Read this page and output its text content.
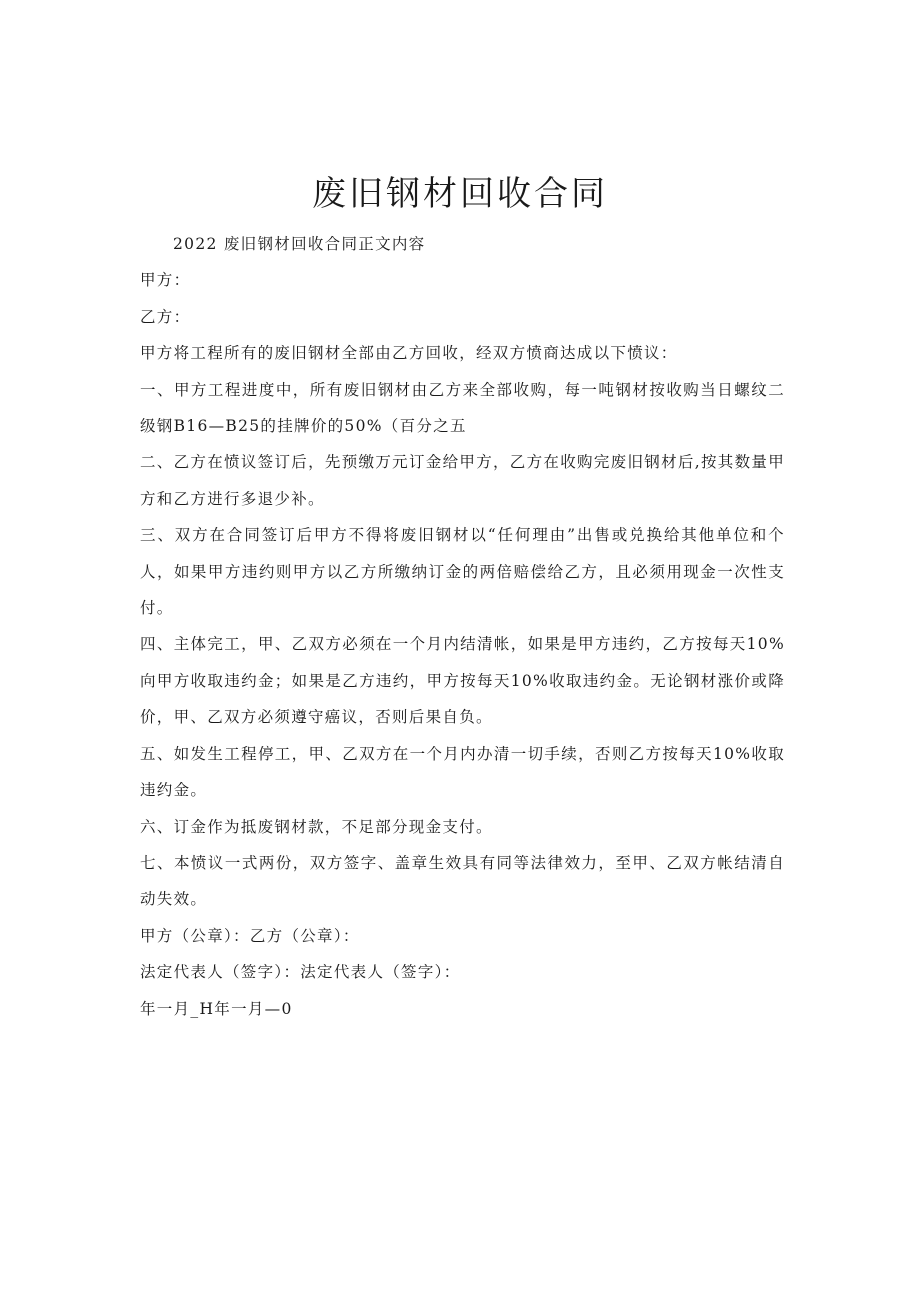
废旧钢材回收合同

2022 废旧钢材回收合同正文内容

甲方：

乙方：

甲方将工程所有的废旧钢材全部由乙方回收，经双方愤商达成以下愤议：

一、甲方工程进度中，所有废旧钢材由乙方来全部收购，每一吨钢材按收购当日螺纹二级钢B16—B25的挂牌价的50%（百分之五

二、乙方在愤议签订后，先预缴万元订金给甲方，乙方在收购完废旧钢材后,按其数量甲方和乙方进行多退少补。

三、双方在合同签订后甲方不得将废旧钢材以“任何理由”出售或兑换给其他单位和个人，如果甲方违约则甲方以乙方所缴纳订金的两倍赔偿给乙方，且必须用现金一次性支付。

四、主体完工，甲、乙双方必须在一个月内结清帐，如果是甲方违约，乙方按每天10%向甲方收取违约金；如果是乙方违约，甲方按每天10%收取违约金。无论钢材涨价或降价，甲、乙双方必须遵守癌议，否则后果自负。

五、如发生工程停工，甲、乙双方在一个月内办清一切手续，否则乙方按每天10%收取违约金。

六、订金作为抵废钢材款，不足部分现金支付。

七、本愤议一式两份，双方签字、盖章生效具有同等法律效力，至甲、乙双方帐结清自动失效。

甲方（公章）：乙方（公章）：

法定代表人（签字）：法定代表人（签字）：

年一月_H年一月—0
